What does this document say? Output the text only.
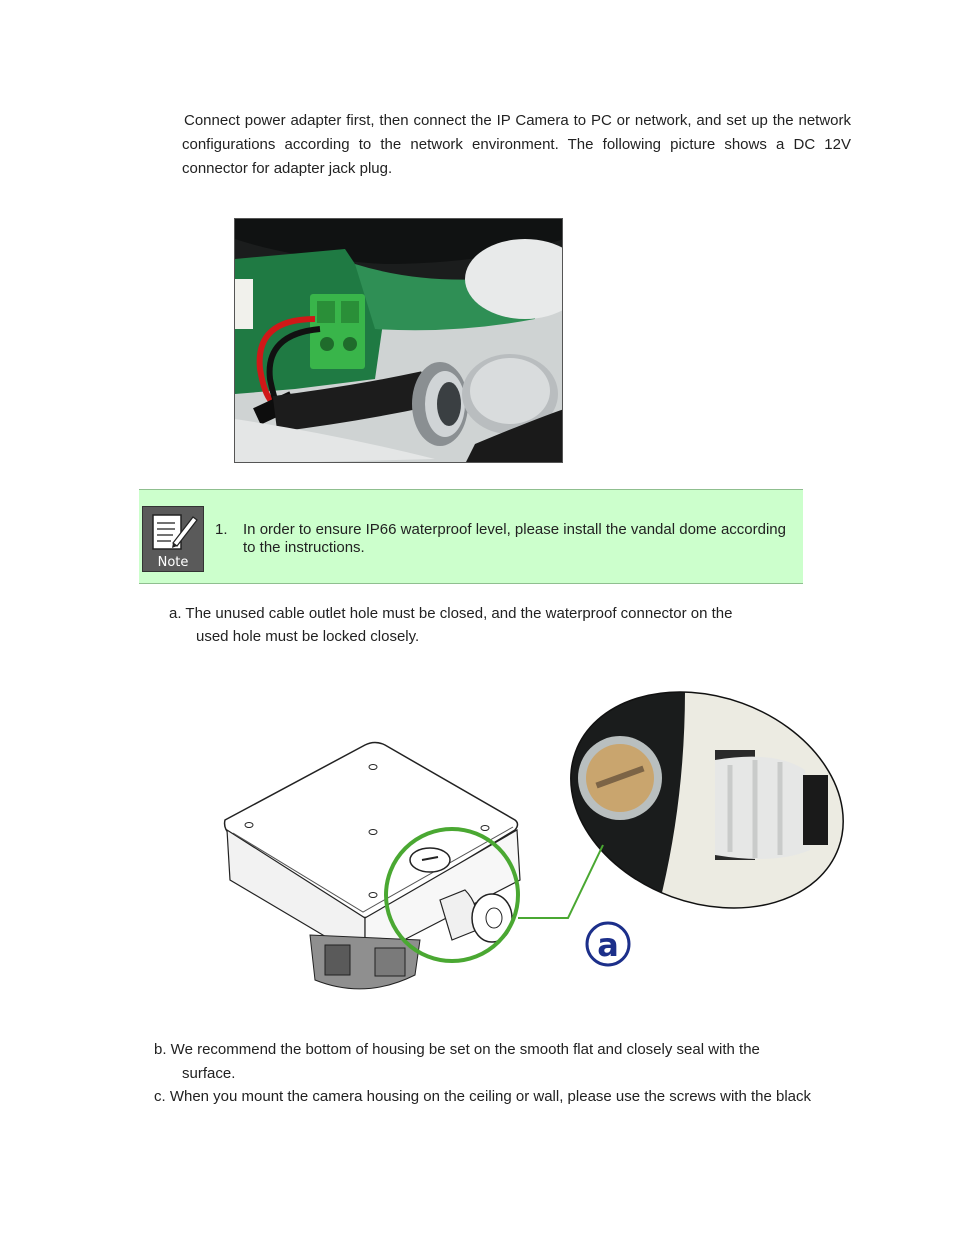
Connect power adapter first, then connect the IP Camera to PC or network, and set up the network configurations according to the network environment. The following picture shows a DC 12V connector for adapter jack plug.

Note
1. In order to ensure IP66 waterproof level, please install the vandal dome according to the instructions.
a. The unused cable outlet hole must be closed, and the waterproof connector on the
used hole must be locked closely.
a
b. We recommend the bottom of housing be set on the smooth flat and closely seal with the
surface.
c. When you mount the camera housing on the ceiling or wall, please use the screws with the black
